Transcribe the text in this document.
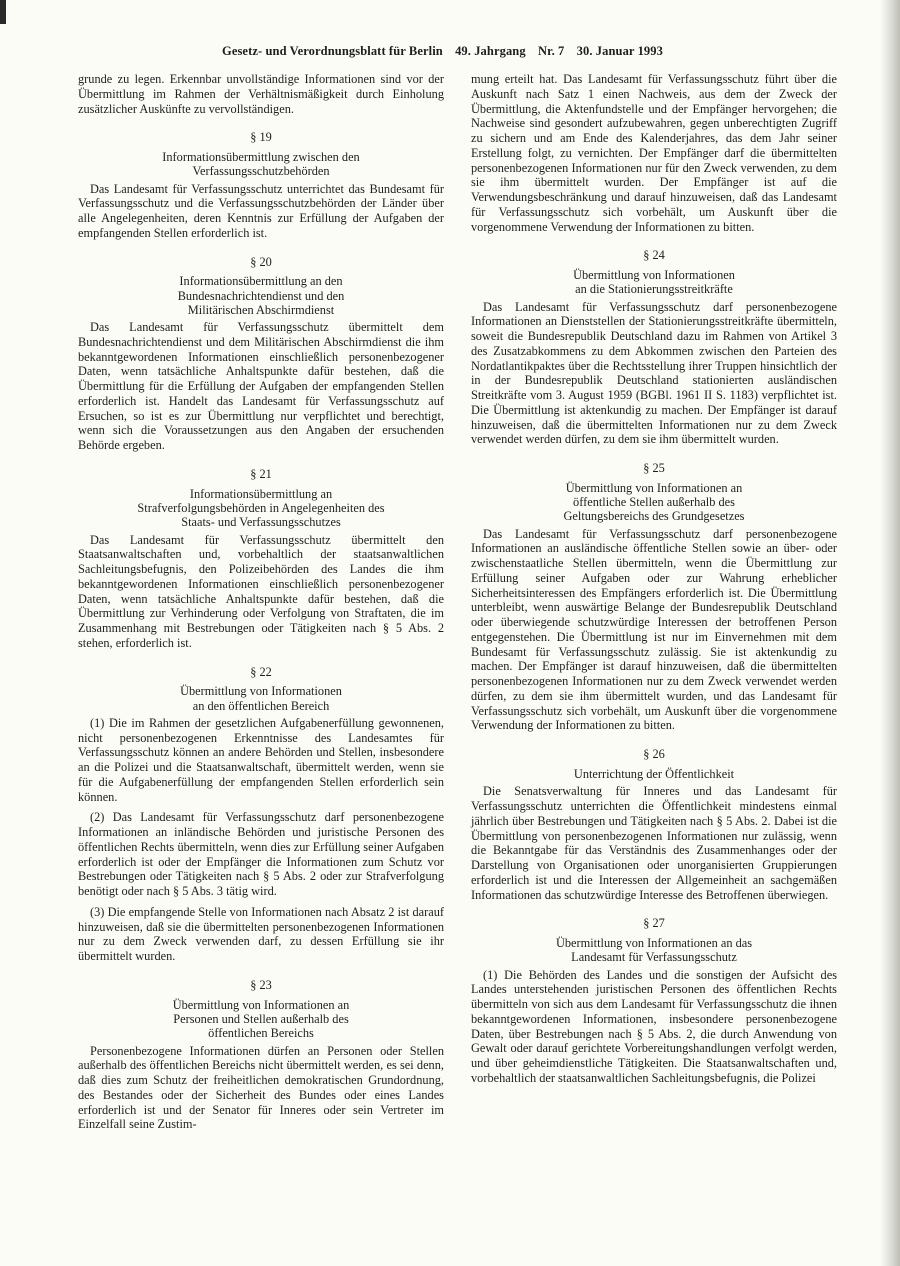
Gesetz- und Verordnungsblatt für Berlin 49. Jahrgang Nr. 7 30. Januar 1993

grunde zu legen. Erkennbar unvollständige Informationen sind vor der Übermittlung im Rahmen der Verhältnismäßigkeit durch Einholung zusätzlicher Auskünfte zu vervollständigen.

§ 19
Informationsübermittlung zwischen den
Verfassungsschutzbehörden

Das Landesamt für Verfassungsschutz unterrichtet das Bundesamt für Verfassungsschutz und die Verfassungsschutzbehörden der Länder über alle Angelegenheiten, deren Kenntnis zur Erfüllung der Aufgaben der empfangenden Stellen erforderlich ist.

§ 20
Informationsübermittlung an den
Bundesnachrichtendienst und den
Militärischen Abschirmdienst

Das Landesamt für Verfassungsschutz übermittelt dem Bundesnachrichtendienst und dem Militärischen Abschirmdienst die ihm bekanntgewordenen Informationen einschließlich personenbezogener Daten, wenn tatsächliche Anhaltspunkte dafür bestehen, daß die Übermittlung für die Erfüllung der Aufgaben der empfangenden Stellen erforderlich ist. Handelt das Landesamt für Verfassungsschutz auf Ersuchen, so ist es zur Übermittlung nur verpflichtet und berechtigt, wenn sich die Voraussetzungen aus den Angaben der ersuchenden Behörde ergeben.

§ 21
Informationsübermittlung an
Strafverfolgungsbehörden in Angelegenheiten des
Staats- und Verfassungsschutzes

Das Landesamt für Verfassungsschutz übermittelt den Staatsanwaltschaften und, vorbehaltlich der staatsanwaltlichen Sachleitungsbefugnis, den Polizeibehörden des Landes die ihm bekanntgewordenen Informationen einschließlich personenbezogener Daten, wenn tatsächliche Anhaltspunkte dafür bestehen, daß die Übermittlung zur Verhinderung oder Verfolgung von Straftaten, die im Zusammenhang mit Bestrebungen oder Tätigkeiten nach § 5 Abs. 2 stehen, erforderlich ist.

§ 22
Übermittlung von Informationen
an den öffentlichen Bereich

(1) Die im Rahmen der gesetzlichen Aufgabenerfüllung gewonnenen, nicht personenbezogenen Erkenntnisse des Landesamtes für Verfassungsschutz können an andere Behörden und Stellen, insbesondere an die Polizei und die Staatsanwaltschaft, übermittelt werden, wenn sie für die Aufgabenerfüllung der empfangenden Stellen erforderlich sein können.

(2) Das Landesamt für Verfassungsschutz darf personenbezogene Informationen an inländische Behörden und juristische Personen des öffentlichen Rechts übermitteln, wenn dies zur Erfüllung seiner Aufgaben erforderlich ist oder der Empfänger die Informationen zum Schutz vor Bestrebungen oder Tätigkeiten nach § 5 Abs. 2 oder zur Strafverfolgung benötigt oder nach § 5 Abs. 3 tätig wird.

(3) Die empfangende Stelle von Informationen nach Absatz 2 ist darauf hinzuweisen, daß sie die übermittelten personenbezogenen Informationen nur zu dem Zweck verwenden darf, zu dessen Erfüllung sie ihr übermittelt wurden.

§ 23
Übermittlung von Informationen an
Personen und Stellen außerhalb des
öffentlichen Bereichs

Personenbezogene Informationen dürfen an Personen oder Stellen außerhalb des öffentlichen Bereichs nicht übermittelt werden, es sei denn, daß dies zum Schutz der freiheitlichen demokratischen Grundordnung, des Bestandes oder der Sicherheit des Bundes oder eines Landes erforderlich ist und der Senator für Inneres oder sein Vertreter im Einzelfall seine Zustim-

mung erteilt hat. Das Landesamt für Verfassungsschutz führt über die Auskunft nach Satz 1 einen Nachweis, aus dem der Zweck der Übermittlung, die Aktenfundstelle und der Empfänger hervorgehen; die Nachweise sind gesondert aufzubewahren, gegen unberechtigten Zugriff zu sichern und am Ende des Kalenderjahres, das dem Jahr seiner Erstellung folgt, zu vernichten. Der Empfänger darf die übermittelten personenbezogenen Informationen nur für den Zweck verwenden, zu dem sie ihm übermittelt wurden. Der Empfänger ist auf die Verwendungsbeschränkung und darauf hinzuweisen, daß das Landesamt für Verfassungsschutz sich vorbehält, um Auskunft über die vorgenommene Verwendung der Informationen zu bitten.

§ 24
Übermittlung von Informationen
an die Stationierungsstreitkräfte

Das Landesamt für Verfassungsschutz darf personenbezogene Informationen an Dienststellen der Stationierungsstreitkräfte übermitteln, soweit die Bundesrepublik Deutschland dazu im Rahmen von Artikel 3 des Zusatzabkommens zu dem Abkommen zwischen den Parteien des Nordatlantikpaktes über die Rechtsstellung ihrer Truppen hinsichtlich der in der Bundesrepublik Deutschland stationierten ausländischen Streitkräfte vom 3. August 1959 (BGBl. 1961 II S. 1183) verpflichtet ist. Die Übermittlung ist aktenkundig zu machen. Der Empfänger ist darauf hinzuweisen, daß die übermittelten Informationen nur zu dem Zweck verwendet werden dürfen, zu dem sie ihm übermittelt wurden.

§ 25
Übermittlung von Informationen an
öffentliche Stellen außerhalb des
Geltungsbereichs des Grundgesetzes

Das Landesamt für Verfassungsschutz darf personenbezogene Informationen an ausländische öffentliche Stellen sowie an über- oder zwischenstaatliche Stellen übermitteln, wenn die Übermittlung zur Erfüllung seiner Aufgaben oder zur Wahrung erheblicher Sicherheitsinteressen des Empfängers erforderlich ist. Die Übermittlung unterbleibt, wenn auswärtige Belange der Bundesrepublik Deutschland oder überwiegende schutzwürdige Interessen der betroffenen Person entgegenstehen. Die Übermittlung ist nur im Einvernehmen mit dem Bundesamt für Verfassungsschutz zulässig. Sie ist aktenkundig zu machen. Der Empfänger ist darauf hinzuweisen, daß die übermittelten personenbezogenen Informationen nur zu dem Zweck verwendet werden dürfen, zu dem sie ihm übermittelt wurden, und das Landesamt für Verfassungsschutz sich vorbehält, um Auskunft über die vorgenommene Verwendung der Informationen zu bitten.

§ 26
Unterrichtung der Öffentlichkeit

Die Senatsverwaltung für Inneres und das Landesamt für Verfassungsschutz unterrichten die Öffentlichkeit mindestens einmal jährlich über Bestrebungen und Tätigkeiten nach § 5 Abs. 2. Dabei ist die Übermittlung von personenbezogenen Informationen nur zulässig, wenn die Bekanntgabe für das Verständnis des Zusammenhanges oder der Darstellung von Organisationen oder unorganisierten Gruppierungen erforderlich ist und die Interessen der Allgemeinheit an sachgemäßen Informationen das schutzwürdige Interesse des Betroffenen überwiegen.

§ 27
Übermittlung von Informationen an das
Landesamt für Verfassungsschutz

(1) Die Behörden des Landes und die sonstigen der Aufsicht des Landes unterstehenden juristischen Personen des öffentlichen Rechts übermitteln von sich aus dem Landesamt für Verfassungsschutz die ihnen bekanntgewordenen Informationen, insbesondere personenbezogene Daten, über Bestrebungen nach § 5 Abs. 2, die durch Anwendung von Gewalt oder darauf gerichtete Vorbereitungshandlungen verfolgt werden, und über geheimdienstliche Tätigkeiten. Die Staatsanwaltschaften und, vorbehaltlich der staatsanwaltlichen Sachleitungsbefugnis, die Polizei
